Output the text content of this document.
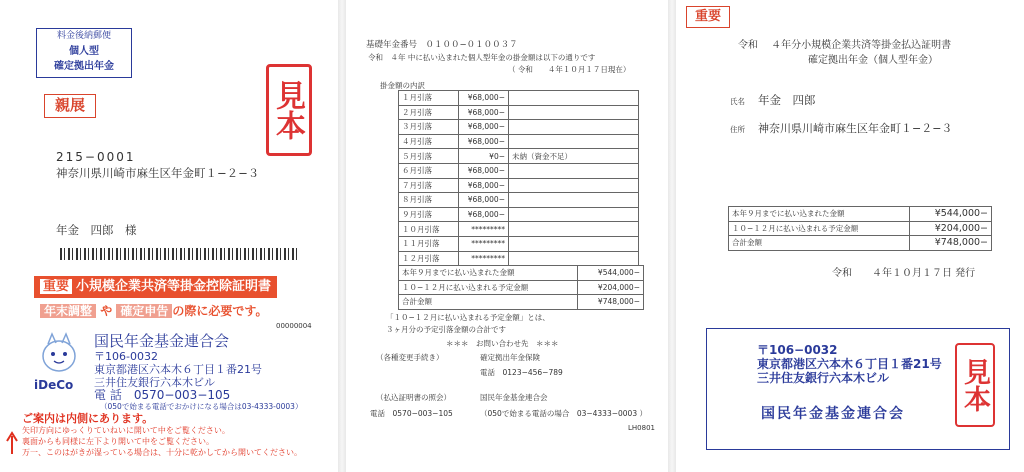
料金後納郵便
個人型
確定拠出年金
見本
親展
215−0001
神奈川県川崎市麻生区年金町１−２−３
年金　四郎　様
重要 小規模企業共済等掛金控除証明書
年末調整 や 確定申告 の際に必要です。
00000004
iDeCo
国民年金基金連合会
〒106-0032
東京都港区六本木６丁目１番21号
三井住友銀行六本木ビル
電 話　0570−003−105
（050で始まる電話でおかけになる場合は03-4333-0003）
ご案内は内側にあります。
矢印方向にゆっくりていねいに開いて中をご覧ください。
裏面からも同様に左下より開いて中をご覧ください。
万一、このはがきが湿っている場合は、十分に乾かしてから開いてください。
基礎年金番号　０１００−０１００３７
令和　４年 中に払い込まれた個人型年金の掛金額は以下の通りです
（ 令和　　４年１０月１７日現在）
掛金額の内訳
１月引落	¥68,000−	
２月引落	¥68,000−	
３月引落	¥68,000−	
４月引落	¥68,000−	
５月引落	¥0−	未納（資金不足）
６月引落	¥68,000−	
７月引落	¥68,000−	
８月引落	¥68,000−	
９月引落	¥68,000−	
１０月引落	*********	
１１月引落	*********	
１２月引落	*********	
本年９月までに払い込まれた金額	¥544,000−
１０−１２月に払い込まれる予定金額	¥204,000−
合計金額	¥748,000−
「１０−１２月に払い込まれる予定金額」とは、
３ヶ月分の予定引落金額の合計です
＊＊＊　お問い合わせ先　＊＊＊
（各種変更手続き）	確定拠出年金保険
電話　0123−456−789
（払込証明書の照会）	国民年金基金連合会
電話　0570−003−105	（050で始まる電話の場合　03−4333−0003 ）
LH0801
重要
令和　 ４年分小規模企業共済等掛金払込証明書
確定拠出年金（個人型年金）
氏名 年金　四郎
住所 神奈川県川崎市麻生区年金町１−２−３
本年９月までに払い込まれた金額	¥544,000−
１０−１２月に払い込まれる予定金額	¥204,000−
合計金額	¥748,000−
令和　　４年１０月１７日 発行
〒106−0032
東京都港区六本木６丁目１番21号
三井住友銀行六本木ビル
国民年金基金連合会
見本
